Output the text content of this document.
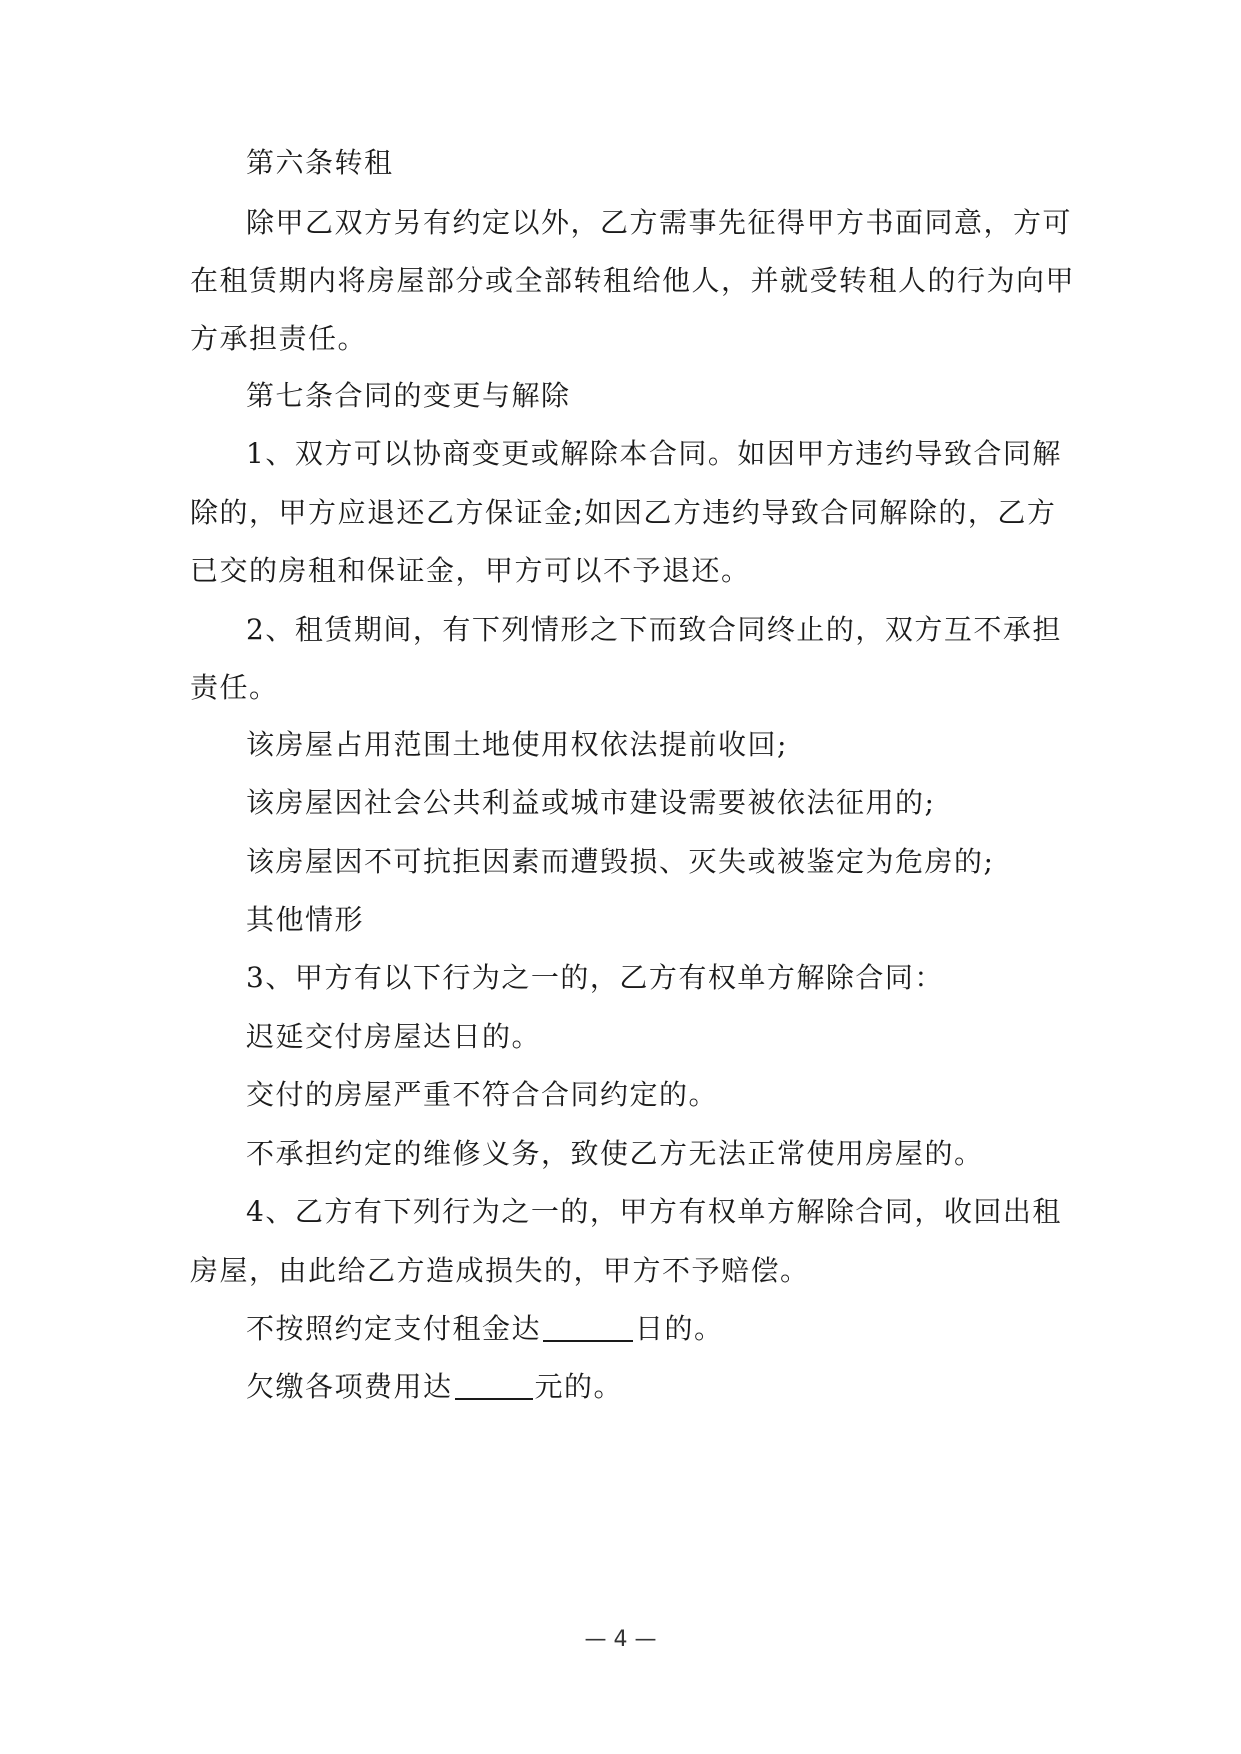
第六条转租
除甲乙双方另有约定以外，乙方需事先征得甲方书面同意，方可
在租赁期内将房屋部分或全部转租给他人，并就受转租人的行为向甲
方承担责任。
第七条合同的变更与解除
1、双方可以协商变更或解除本合同。如因甲方违约导致合同解
除的，甲方应退还乙方保证金;如因乙方违约导致合同解除的，乙方
已交的房租和保证金，甲方可以不予退还。
2、租赁期间，有下列情形之下而致合同终止的，双方互不承担
责任。
该房屋占用范围土地使用权依法提前收回;
该房屋因社会公共利益或城市建设需要被依法征用的;
该房屋因不可抗拒因素而遭毁损、灭失或被鉴定为危房的;
其他情形
3、甲方有以下行为之一的，乙方有权单方解除合同：
迟延交付房屋达日的。
交付的房屋严重不符合合同约定的。
不承担约定的维修义务，致使乙方无法正常使用房屋的。
4、乙方有下列行为之一的，甲方有权单方解除合同，收回出租
房屋，由此给乙方造成损失的，甲方不予赔偿。
不按照约定支付租金达	日的。
欠缴各项费用达	元的。
— 4 —
